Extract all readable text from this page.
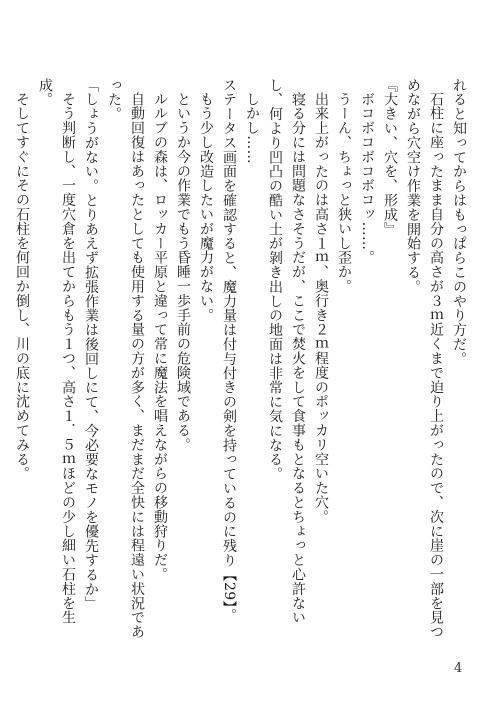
れると知ってからはもっぱらこのやり方だ。

石柱に座ったまま自分の高さが３ｍ近くまで迫り上がったので、次に崖の一部を見つめながら穴空け作業を開始する。

『大きい、穴を、形成』

ボコボコボコボコッ……。

うーん、ちょっと狭いし歪か。

出来上がったのは高さ１ｍ、奥行き２ｍ程度のポッカリ空いた穴。

寝る分には問題なさそうだが、ここで焚火をして食事もとなるとちょっと心許ないし、何より凹凸の酷い土が剝き出しの地面は非常に気になる。

しかし……

ステータス画面を確認すると、魔力量は付与付きの剣を持っているのに残り【29】。

もう少し改造したいが魔力がない。

というか今の作業でもう昏睡一歩手前の危険域である。

ルルブの森は、ロッカー平原と違って常に魔法を唱えながらの移動狩りだ。

自動回復はあったとしても使用する量の方が多く、まだまだ全快には程遠い状況であった。

「しょうがない。とりあえず拡張作業は後回しにて、今必要なモノを優先するか」

そう判断し、一度穴倉を出てからもう１つ、高さ１．５ｍほどの少し細い石柱を生成。

そしてすぐにその石柱を何回か倒し、川の底に沈めてみる。

4
